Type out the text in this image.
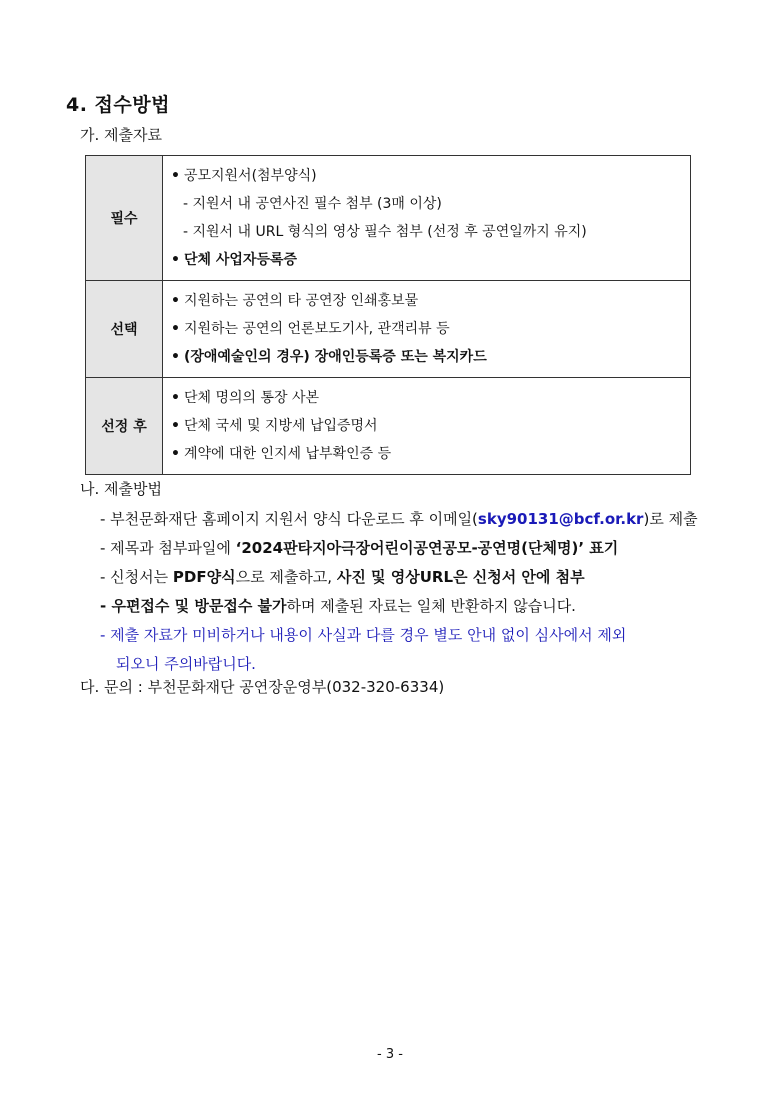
4. 접수방법
가. 제출자료
필수	• 공모지원서(첨부양식)
- 지원서 내 공연사진 필수 첨부 (3매 이상)
- 지원서 내 URL 형식의 영상 필수 첨부 (선정 후 공연일까지 유지)
• 단체 사업자등록증

선택	• 지원하는 공연의 타 공연장 인쇄홍보물
• 지원하는 공연의 언론보도기사, 관객리뷰 등
• (장애예술인의 경우) 장애인등록증 또는 복지카드

선정 후	• 단체 명의의 통장 사본
• 단체 국세 및 지방세 납입증명서
• 계약에 대한 인지세 납부확인증 등
나. 제출방법
- 부천문화재단 홈페이지 지원서 양식 다운로드 후 이메일(sky90131@bcf.or.kr)로 제출
- 제목과 첨부파일에 ‘2024판타지아극장어린이공연공모-공연명(단체명)’ 표기
- 신청서는 PDF양식으로 제출하고, 사진 및 영상URL은 신청서 안에 첨부
- 우편접수 및 방문접수 불가하며 제출된 자료는 일체 반환하지 않습니다.
- 제출 자료가 미비하거나 내용이 사실과 다를 경우 별도 안내 없이 심사에서 제외
되오니 주의바랍니다.
다. 문의 : 부천문화재단 공연장운영부(032-320-6334)
- 3 -
